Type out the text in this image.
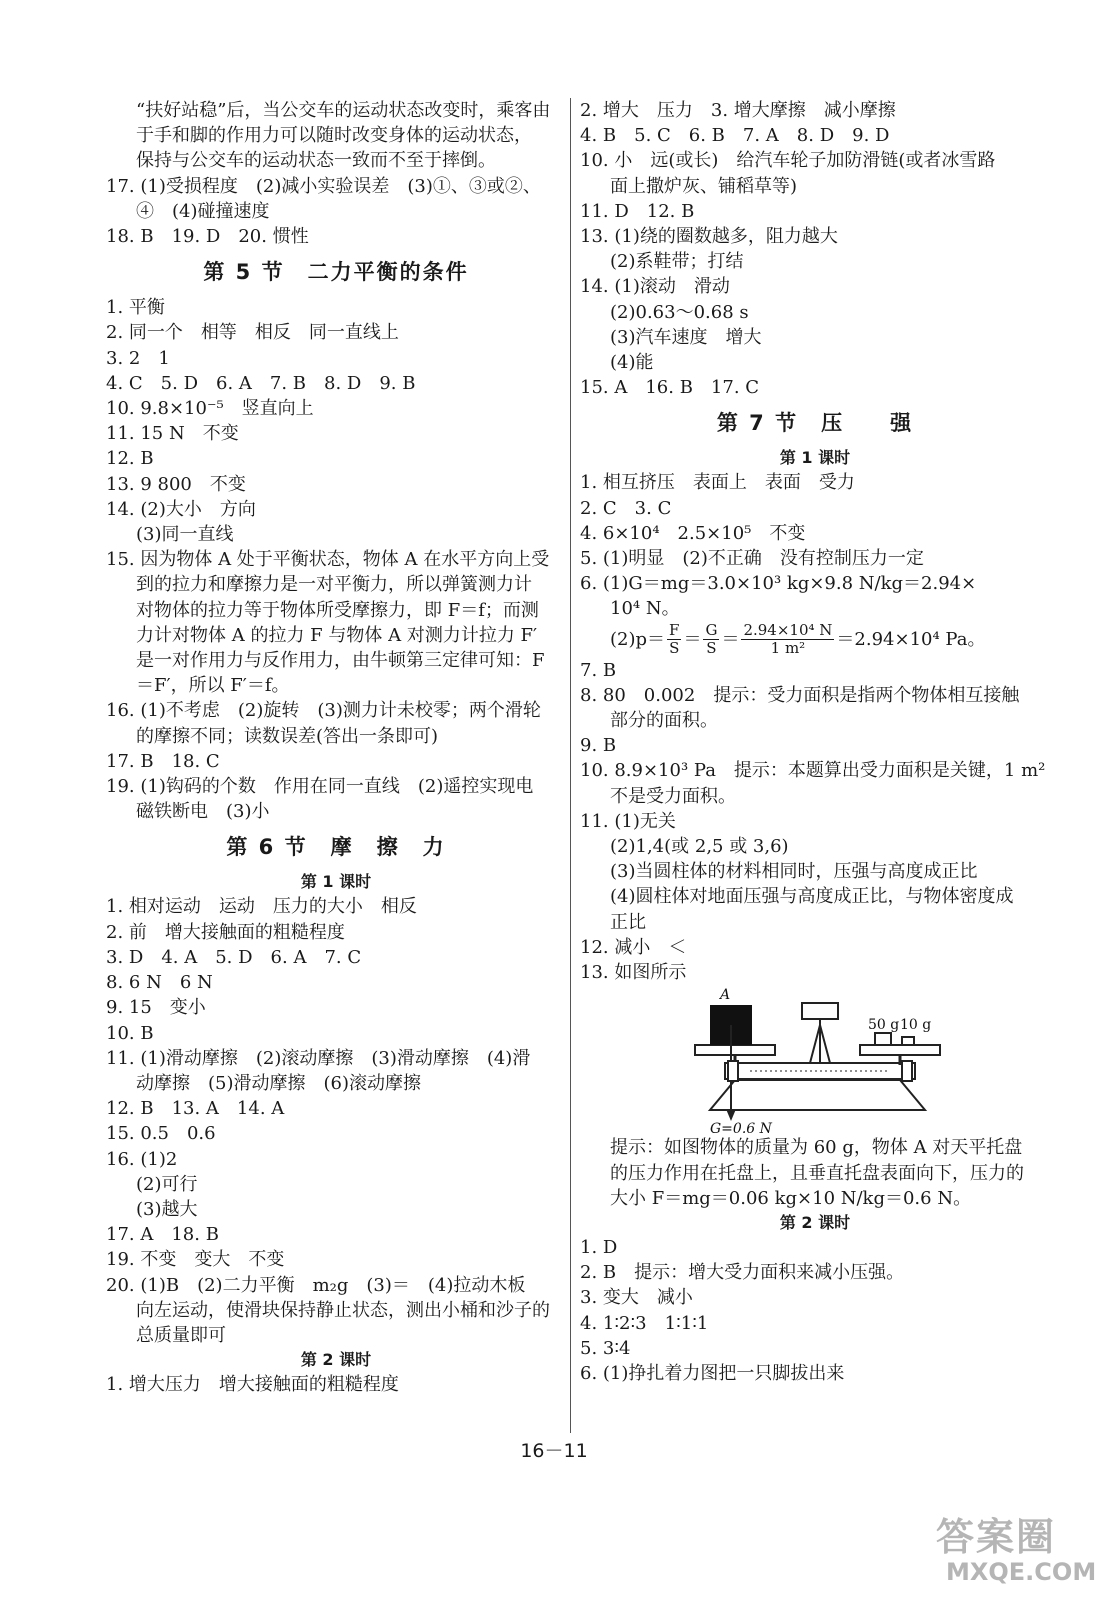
“扶好站稳”后，当公交车的运动状态改变时，乘客由
于手和脚的作用力可以随时改变身体的运动状态，
保持与公交车的运动状态一致而不至于摔倒。
17. (1)受损程度　(2)减小实验误差　(3)①、③或②、
④　(4)碰撞速度
18. B　19. D　20. 惯性
第 5 节　二力平衡的条件
1. 平衡
2. 同一个　相等　相反　同一直线上
3. 2　1
4. C　5. D　6. A　7. B　8. D　9. B
10. 9.8×10⁻⁵　竖直向上
11. 15 N　不变
12. B
13. 9 800　不变
14. (2)大小　方向
(3)同一直线
15. 因为物体 A 处于平衡状态，物体 A 在水平方向上受
到的拉力和摩擦力是一对平衡力，所以弹簧测力计
对物体的拉力等于物体所受摩擦力，即 F＝f；而测
力计对物体 A 的拉力 F 与物体 A 对测力计拉力 F′
是一对作用力与反作用力，由牛顿第三定律可知：F
＝F′，所以 F′＝f。
16. (1)不考虑　(2)旋转　(3)测力计未校零；两个滑轮
的摩擦不同；读数误差(答出一条即可)
17. B　18. C
19. (1)钩码的个数　作用在同一直线　(2)遥控实现电
磁铁断电　(3)小
第 6 节　摩　擦　力
第 1 课时
1. 相对运动　运动　压力的大小　相反
2. 前　增大接触面的粗糙程度
3. D　4. A　5. D　6. A　7. C
8. 6 N　6 N
9. 15　变小
10. B
11. (1)滑动摩擦　(2)滚动摩擦　(3)滑动摩擦　(4)滑
动摩擦　(5)滑动摩擦　(6)滚动摩擦
12. B　13. A　14. A
15. 0.5　0.6
16. (1)2
(2)可行
(3)越大
17. A　18. B
19. 不变　变大　不变
20. (1)B　(2)二力平衡　m₂g　(3)＝　(4)拉动木板
向左运动，使滑块保持静止状态，测出小桶和沙子的
总质量即可
第 2 课时
1. 增大压力　增大接触面的粗糙程度
2. 增大　压力　3. 增大摩擦　减小摩擦
4. B　5. C　6. B　7. A　8. D　9. D
10. 小　远(或长)　给汽车轮子加防滑链(或者冰雪路
面上撒炉灰、铺稻草等)
11. D　12. B
13. (1)绕的圈数越多，阻力越大
(2)系鞋带；打结
14. (1)滚动　滑动
(2)0.63～0.68 s
(3)汽车速度　增大
(4)能
15. A　16. B　17. C
第 7 节　压　　强
第 1 课时
1. 相互挤压　表面上　表面　受力
2. C　3. C
4. 6×10⁴　2.5×10⁵　不变
5. (1)明显　(2)不正确　没有控制压力一定
6. (1)G＝mg＝3.0×10³ kg×9.8 N/kg＝2.94×
10⁴ N。
$(2)p= \frac{F}{S} = \frac{G}{S} = \frac{\text{2.94×10⁴ N}}{\text{1 m²}} =2.94\times 10^4$ Pa。
7. B
8. 80　0.002　提示：受力面积是指两个物体相互接触
部分的面积。
9. B
10. 8.9×10³ Pa　提示：本题算出受力面积是关键，1 m²
不是受力面积。
11. (1)无关
(2)1,4(或 2,5 或 3,6)
(3)当圆柱体的材料相同时，压强与高度成正比
(4)圆柱体对地面压强与高度成正比，与物体密度成
正比
12. 减小　＜
13. 如图所示
A
50 g 10 g
G=0.6 N
提示：如图物体的质量为 60 g，物体 A 对天平托盘
的压力作用在托盘上，且垂直托盘表面向下，压力的
大小 F＝mg＝0.06 kg×10 N/kg＝0.6 N。
第 2 课时
1. D
2. B　提示：增大受力面积来减小压强。
3. 变大　减小
4. 1∶2∶3　1∶1∶1
5. 3∶4
6. (1)挣扎着力图把一只脚拔出来
16－11
答案圈
MXQE.COM
